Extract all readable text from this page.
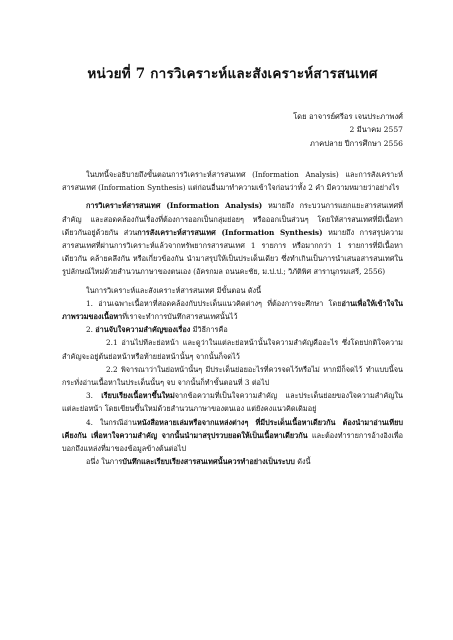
หน่วยที่ 7 การวิเคราะห์และสังเคราะห์สารสนเทศ
โดย อาจารย์ศรีอร เจนประภาพงศ์
2 มีนาคม 2557
ภาคปลาย ปีการศึกษา 2556

ในบทนี้จะอธิบายถึงขั้นตอนการวิเคราะห์สารสนเทศ (Information Analysis) และการสังเคราะห์สารสนเทศ (Information Synthesis) แต่ก่อนอื่นมาทำความเข้าใจก่อนว่าทั้ง 2 คำ มีความหมายว่าอย่างไร

การวิเคราะห์สารสนเทศ (Information Analysis) หมายถึง กระบวนการแยกแยะสารสนเทศที่สำคัญ และสอดคล้องกันเรื่องที่ต้องการออกเป็นกลุ่มย่อยๆ หรือออกเป็นส่วนๆ โดยให้สารสนเทศที่มีเนื้อหาเดียวกันอยู่ด้วยกัน ส่วนการสังเคราะห์สารสนเทศ (Information Synthesis) หมายถึง การสรุปความสารสนเทศที่ผ่านการวิเคราะห์แล้วจากทรัพยากรสารสนเทศ 1 รายการ หรือมากกว่า 1 รายการที่มีเนื้อหาเดียวกัน คล้ายคลึงกัน หรือเกี่ยวข้องกัน นำมาสรุปให้เป็นประเด็นเดียว ซึ่งทำเกินเป็นการนำเสนอสารสนเทศในรูปลักษณ์ใหม่ด้วยสำนวนภาษาของตนเอง (อัครกมล ถนนคะชัย, ม.ป.ป.; วิภัติพิศ สารานุกรมเสรี, 2556)

ในการวิเคราะห์และสังเคราะห์สารสนเทศ มีขั้นตอน ดังนี้

1. อ่านเฉพาะเนื้อหาที่สอดคล้องกับประเด็นแนวคิดต่างๆ ที่ต้องการจะศึกษา โดยอ่านเพื่อให้เข้าใจในภาพรวมของเนื้อหาที่เราจะทำการบันทึกสารสนเทศนั้นไว้

2. อ่านจับใจความสำคัญของเรื่อง มีวิธีการคือ

2.1 อ่านไปทีละย่อหน้า และดูว่าในแต่ละย่อหน้านั้นใจความสำคัญคืออะไร ซึ่งโดยปกติใจความสำคัญจะอยู่ต้นย่อหน้าหรือท้ายย่อหน้านั้นๆ จากนั้นก็จดไว้

2.2 พิจารณาว่าในย่อหน้านั้นๆ มีประเด็นย่อยอะไรที่ควรจดไว้หรือไม่ หากมีก็จดไว้ ทำแบบนี้จนกระทั่งอ่านเนื้อหาในประเด็นนั้นๆ จบ จากนั้นก็ทำขั้นตอนที่ 3 ต่อไป

3. เรียบเรียงเนื้อหาขึ้นใหม่จากข้อความที่เป็นใจความสำคัญ และประเด็นย่อยของใจความสำคัญในแต่ละย่อหน้า โดยเขียนขึ้นใหม่ด้วยสำนวนภาษาของตนเอง แต่ยังคงแนวคิดเดิมอยู่

4. ในกรณีอ่านหนังสือหลายเล่มหรือจากแหล่งต่างๆ ที่มีประเด็นเนื้อหาเดียวกัน ต้องนำมาอ่านเทียบเคียงกัน เพื่อหาใจความสำคัญ จากนั้นนำมาสรุปรวบยอดให้เป็นเนื้อหาเดียวกัน และต้องทำรายการอ้างอิงเพื่อบอกถึงแหล่งที่มาของข้อมูลข้างต้นต่อไป

อนึ่ง ในการบันทึกและเรียบเรียงสารสนเทศนั้นควรทำอย่างเป็นระบบ ดังนี้
